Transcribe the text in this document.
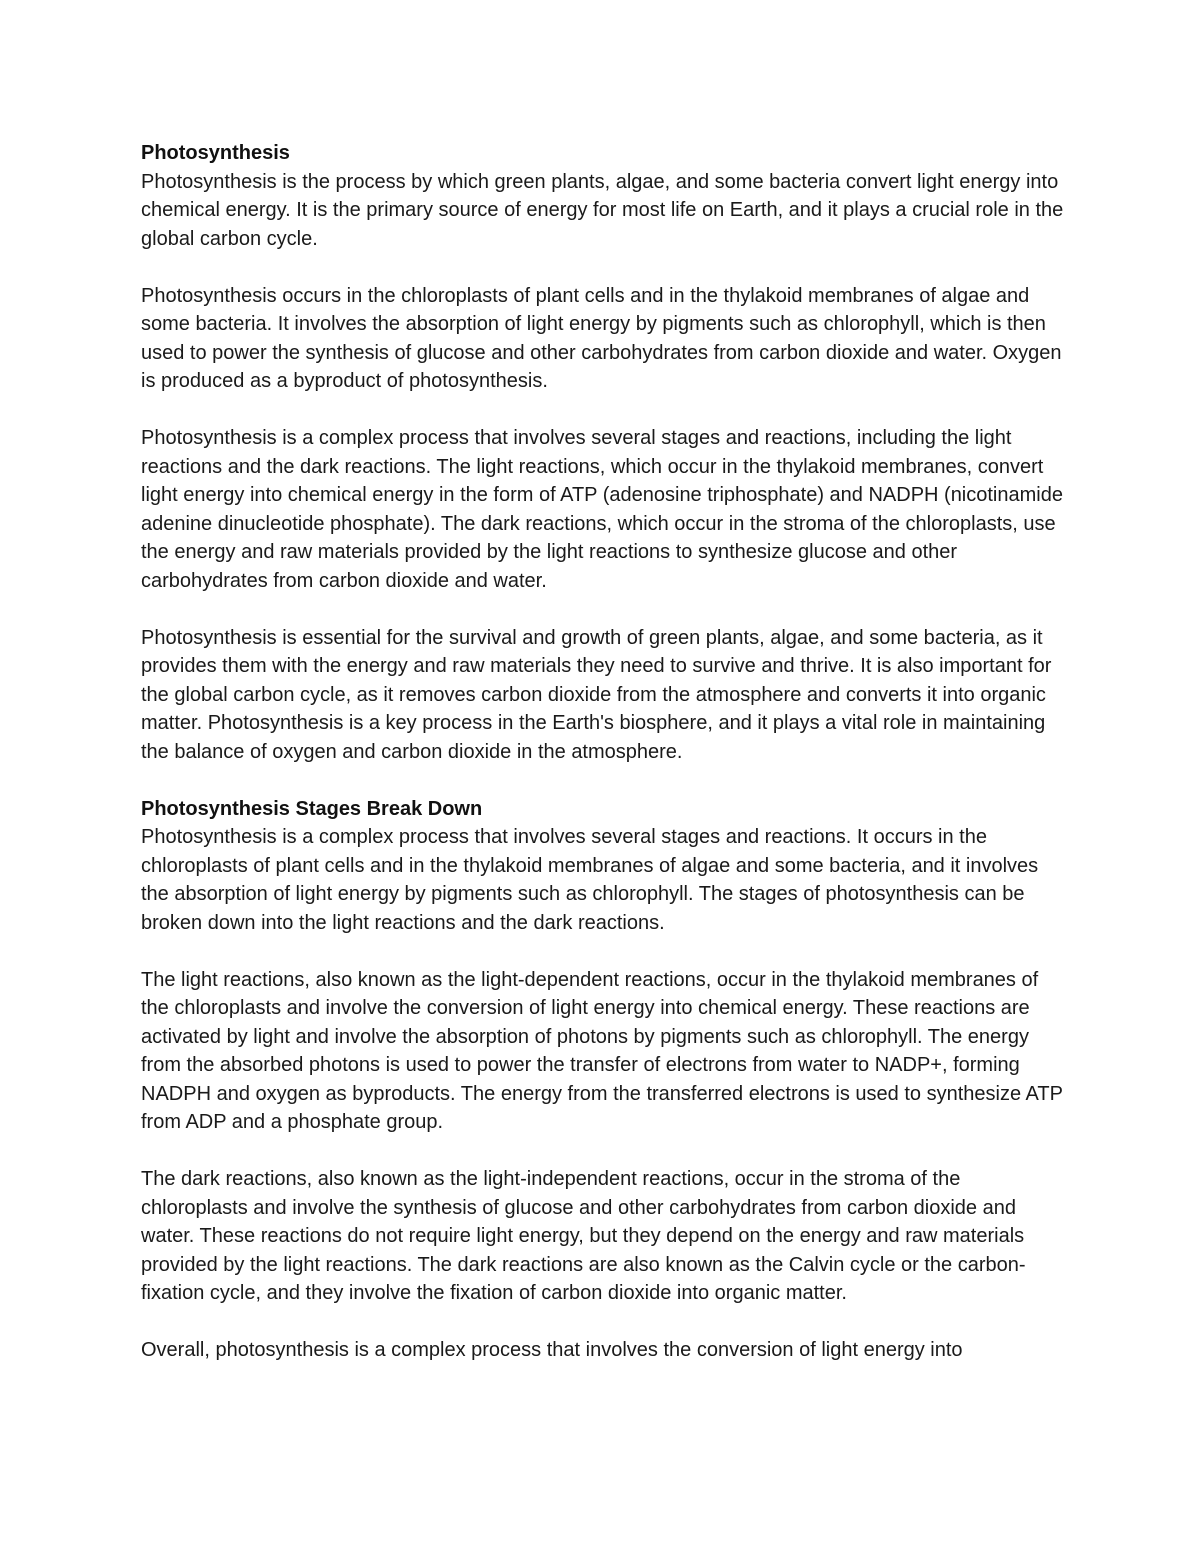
Photosynthesis

Photosynthesis is the process by which green plants, algae, and some bacteria convert light energy into chemical energy. It is the primary source of energy for most life on Earth, and it plays a crucial role in the global carbon cycle.

Photosynthesis occurs in the chloroplasts of plant cells and in the thylakoid membranes of algae and some bacteria. It involves the absorption of light energy by pigments such as chlorophyll, which is then used to power the synthesis of glucose and other carbohydrates from carbon dioxide and water. Oxygen is produced as a byproduct of photosynthesis.

Photosynthesis is a complex process that involves several stages and reactions, including the light reactions and the dark reactions. The light reactions, which occur in the thylakoid membranes, convert light energy into chemical energy in the form of ATP (adenosine triphosphate) and NADPH (nicotinamide adenine dinucleotide phosphate). The dark reactions, which occur in the stroma of the chloroplasts, use the energy and raw materials provided by the light reactions to synthesize glucose and other carbohydrates from carbon dioxide and water.

Photosynthesis is essential for the survival and growth of green plants, algae, and some bacteria, as it provides them with the energy and raw materials they need to survive and thrive. It is also important for the global carbon cycle, as it removes carbon dioxide from the atmosphere and converts it into organic matter. Photosynthesis is a key process in the Earth's biosphere, and it plays a vital role in maintaining the balance of oxygen and carbon dioxide in the atmosphere.

Photosynthesis Stages Break Down

Photosynthesis is a complex process that involves several stages and reactions. It occurs in the chloroplasts of plant cells and in the thylakoid membranes of algae and some bacteria, and it involves the absorption of light energy by pigments such as chlorophyll. The stages of photosynthesis can be broken down into the light reactions and the dark reactions.

The light reactions, also known as the light-dependent reactions, occur in the thylakoid membranes of the chloroplasts and involve the conversion of light energy into chemical energy. These reactions are activated by light and involve the absorption of photons by pigments such as chlorophyll. The energy from the absorbed photons is used to power the transfer of electrons from water to NADP+, forming NADPH and oxygen as byproducts. The energy from the transferred electrons is used to synthesize ATP from ADP and a phosphate group.

The dark reactions, also known as the light-independent reactions, occur in the stroma of the chloroplasts and involve the synthesis of glucose and other carbohydrates from carbon dioxide and water. These reactions do not require light energy, but they depend on the energy and raw materials provided by the light reactions. The dark reactions are also known as the Calvin cycle or the carbon-fixation cycle, and they involve the fixation of carbon dioxide into organic matter.

Overall, photosynthesis is a complex process that involves the conversion of light energy into
